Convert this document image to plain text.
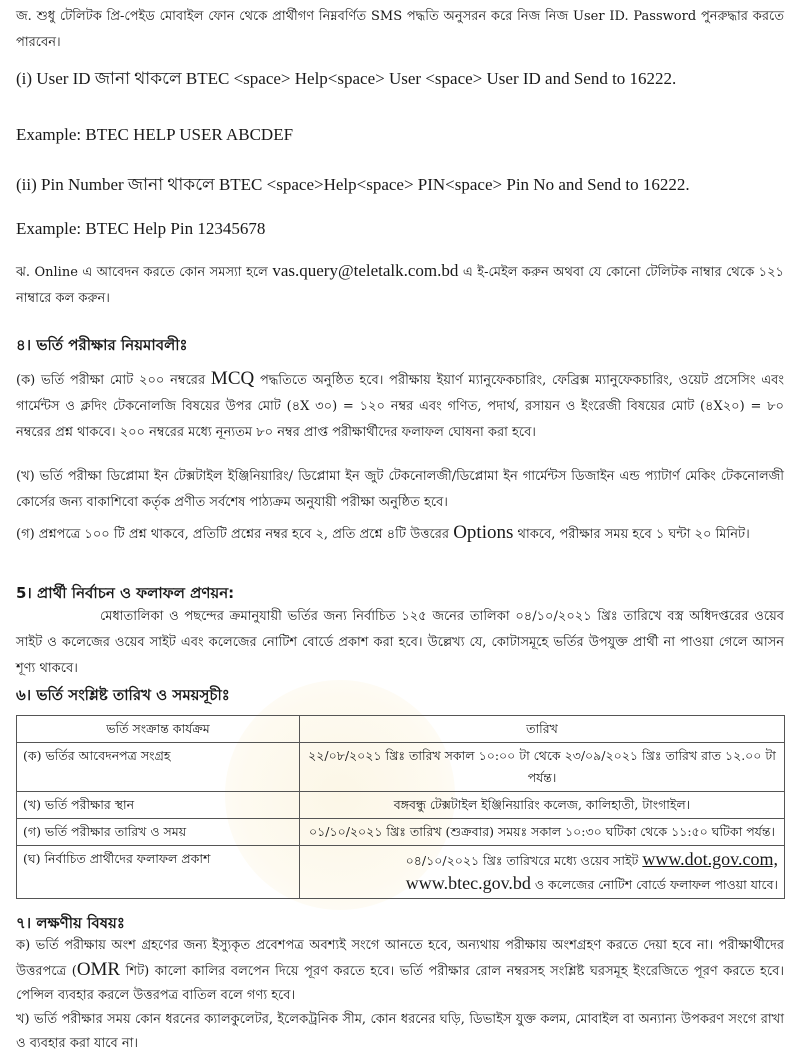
জ. শুধু টেলিটক প্রি-পেইড মোবাইল ফোন থেকে প্রার্থীগণ নিম্নবর্ণিত SMS পদ্ধতি অনুসরন করে নিজ নিজ User ID. Password পুনরুদ্ধার করতে পারবেন।
(i) User ID জানা থাকলে BTEC <space> Help<space> User <space> User ID and Send to 16222.
Example: BTEC HELP USER ABCDEF
(ii) Pin Number জানা থাকলে BTEC <space>Help<space> PIN<space> Pin No and Send to 16222.
Example: BTEC Help Pin 12345678
ঝ. Online এ আবেদন করতে কোন সমস্যা হলে vas.query@teletalk.com.bd এ ই-মেইল করুন অথবা যে কোনো টেলিটক নাম্বার থেকে ১২১ নাম্বারে কল করুন।
৪। ভর্তি পরীক্ষার নিয়মাবলীঃ
(ক) ভর্তি পরীক্ষা মোট ২০০ নম্বরের MCQ পদ্ধতিতে অনুষ্ঠিত হবে। পরীক্ষায় ইয়ার্ণ ম্যানুফেকচারিং, ফেব্রিক্স ম্যানুফেকচারিং, ওয়েট প্রসেসিং এবং গার্মেন্টস ও ক্লদিং টেকনোলজি বিষয়ের উপর মোট (৪X ৩০) = ১২০ নম্বর এবং গণিত, পদার্থ, রসায়ন ও ইংরেজী বিষয়ের মোট (৪X২০) = ৮০ নম্বরের প্রশ্ন থাকবে। ২০০ নম্বরের মধ্যে নূন্যতম ৮০ নম্বর প্রাপ্ত পরীক্ষার্থীদের ফলাফল ঘোষনা করা হবে।
(খ) ভর্তি পরীক্ষা ডিপ্লোমা ইন টেক্সটাইল ইঞ্জিনিয়ারিং/ ডিপ্লোমা ইন জুট টেকনোলজী/ডিপ্লোমা ইন গার্মেন্টস ডিজাইন এন্ড প্যাটার্ণ মেকিং টেকনোলজী কোর্সের জন্য বাকাশিবো কর্তৃক প্রণীত সর্বশেষ পাঠ্যক্রম অনুযায়ী পরীক্ষা অনুষ্ঠিত হবে।
(গ) প্রশ্নপত্রে ১০০ টি প্রশ্ন থাকবে, প্রতিটি প্রশ্নের নম্বর হবে ২, প্রতি প্রশ্নে ৪টি উত্তরের Options থাকবে, পরীক্ষার সময় হবে ১ ঘন্টা ২০ মিনিট।
5। প্রার্থী নির্বাচন ও ফলাফল প্রণয়ন:
মেধাতালিকা ও পছন্দের ক্রমানুযায়ী ভর্তির জন্য নির্বাচিত ১২৫ জনের তালিকা ০৪/১০/২০২১ খ্রিঃ তারিখে বস্ত্র অধিদপ্তরের ওয়েব সাইট ও কলেজের ওয়েব সাইট এবং কলেজের নোটিশ বোর্ডে প্রকাশ করা হবে। উল্লেখ্য যে, কোটাসমূহে ভর্তির উপযুক্ত প্রার্থী না পাওয়া গেলে আসন শূণ্য থাকবে।
৬। ভর্তি সংশ্লিষ্ট তারিখ ও সময়সূচীঃ
ভর্তি সংক্রান্ত কার্যক্রম	তারিখ
(ক) ভর্তির আবেদনপত্র সংগ্রহ	২২/০৮/২০২১ খ্রিঃ তারিখ সকাল ১০:০০ টা থেকে ২৩/০৯/২০২১ খ্রিঃ তারিখ রাত ১২.০০ টা পর্যন্ত।
(খ) ভর্তি পরীক্ষার স্থান	বঙ্গবন্ধু টেক্সটাইল ইঞ্জিনিয়ারিং কলেজ, কালিহাতী, টাংগাইল।
(গ) ভর্তি পরীক্ষার তারিখ ও সময়	০১/১০/২০২১ খ্রিঃ তারিখ (শুক্রবার) সময়ঃ সকাল ১০:৩০ ঘটিকা থেকে ১১:৫০ ঘটিকা পর্যন্ত।
(ঘ) নির্বাচিত প্রার্থীদের ফলাফল প্রকাশ	০৪/১০/২০২১ খ্রিঃ তারিখরে মধ্যে ওয়েব সাইট www.dot.gov.com,
www.btec.gov.bd ও কলেজের নোটিশ বোর্ডে ফলাফল পাওয়া যাবে।
৭। লক্ষণীয় বিষয়ঃ
ক) ভর্তি পরীক্ষায় অংশ গ্রহণের জন্য ইস্যুকৃত প্রবেশপত্র অবশ্যই সংগে আনতে হবে, অন্যথায় পরীক্ষায় অংশগ্রহণ করতে দেয়া হবে না। পরীক্ষার্থীদের উত্তরপত্রে (OMR শিট) কালো কালির বলপেন দিয়ে পূরণ করতে হবে। ভর্তি পরীক্ষার রোল নম্বরসহ সংশ্লিষ্ট ঘরসমূহ ইংরেজিতে পূরণ করতে হবে। পেন্সিল ব্যবহার করলে উত্তরপত্র বাতিল বলে গণ্য হবে।
খ) ভর্তি পরীক্ষার সময় কোন ধরনের ক্যালকুলেটর, ইলেকট্রনিক সীম, কোন ধরনের ঘড়ি, ডিভাইস যুক্ত কলম, মোবাইল বা অন্যান্য উপকরণ সংগে রাখা ও ব্যবহার করা যাবে না।
